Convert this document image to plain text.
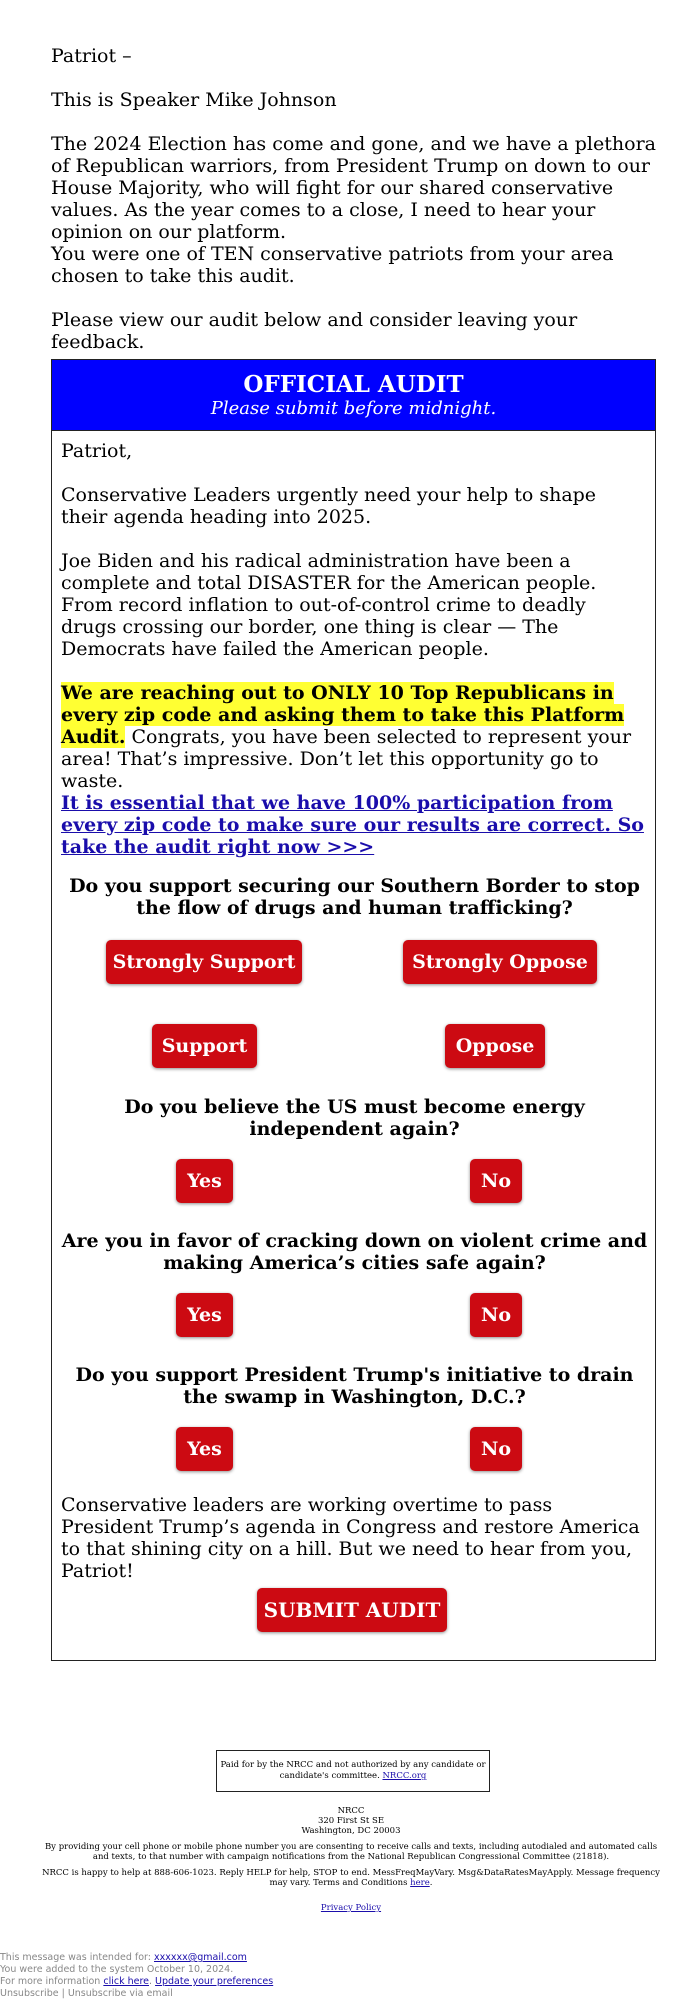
Patriot –

This is Speaker Mike Johnson

The 2024 Election has come and gone, and we have a plethora of Republican warriors, from President Trump on down to our House Majority, who will fight for our shared conservative values. As the year comes to a close, I need to hear your opinion on our platform.

You were one of TEN conservative patriots from your area chosen to take this audit.

Please view our audit below and consider leaving your feedback.

OFFICIAL AUDIT
Please submit before midnight.
Patriot,
Conservative Leaders urgently need your help to shape their agenda heading into 2025.
Joe Biden and his radical administration have been a complete and total DISASTER for the American people. From record inflation to out-of-control crime to deadly drugs crossing our border, one thing is clear — The Democrats have failed the American people.
We are reaching out to ONLY 10 Top Republicans in every zip code and asking them to take this Platform Audit. Congrats, you have been selected to represent your area! That’s impressive. Don’t let this opportunity go to waste.
It is essential that we have 100% participation from every zip code to make sure our results are correct. So take the audit right now >>>
Do you support securing our Southern Border to stop the flow of drugs and human trafficking?
Strongly Support	Strongly Oppose
Support	Oppose
Do you believe the US must become energy independent again?
Yes	No
Are you in favor of cracking down on violent crime and making America’s cities safe again?
Yes	No
Do you support President Trump's initiative to drain the swamp in Washington, D.C.?
Yes	No
Conservative leaders are working overtime to pass President Trump’s agenda in Congress and restore America to that shining city on a hill. But we need to hear from you, Patriot!
SUBMIT AUDIT
Paid for by the NRCC and not authorized by any candidate or candidate's committee. NRCC.org
NRCC
320 First St SE
Washington, DC 20003
By providing your cell phone or mobile phone number you are consenting to receive calls and texts, including autodialed and automated calls and texts, to that number with campaign notifications from the National Republican Congressional Committee (21818).
NRCC is happy to help at 888-606-1023. Reply HELP for help, STOP to end. MessFreqMayVary. Msg&DataRatesMayApply. Message frequency may vary. Terms and Conditions here.
Privacy Policy
This message was intended for: xxxxxx@gmail.com
You were added to the system October 10, 2024.
For more information click here. Update your preferences
Unsubscribe | Unsubscribe via email
